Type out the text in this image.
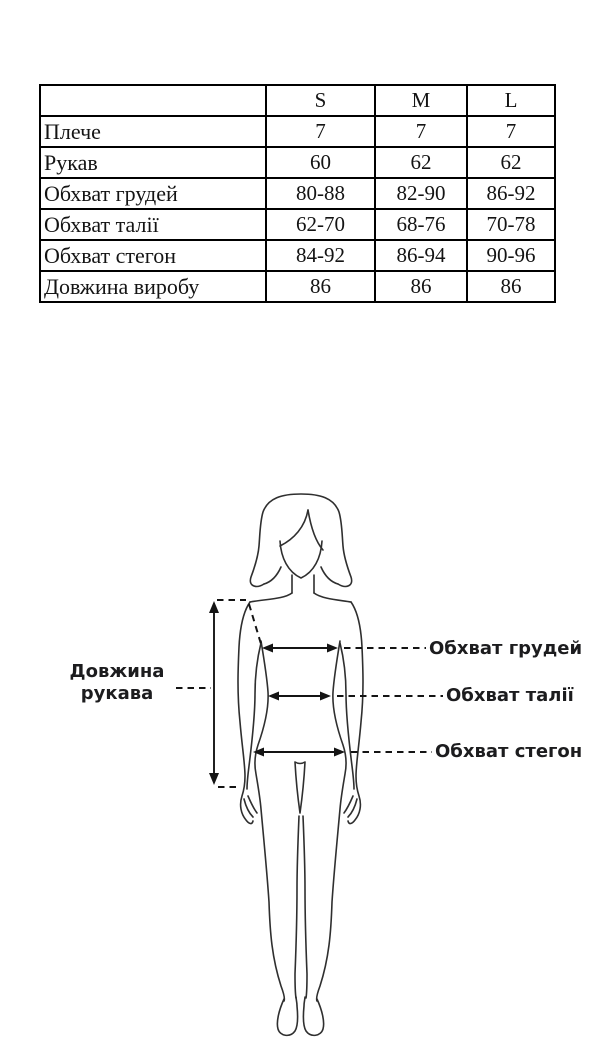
	S	M	L
Плече	7	7	7
Рукав	60	62	62
Обхват грудей	80-88	82-90	86-92
Обхват талії	62-70	68-76	70-78
Обхват стегон	84-92	86-94	90-96
Довжина виробу	86	86	86
Довжина рукава
Обхват грудей
Обхват талії
Обхват стегон
